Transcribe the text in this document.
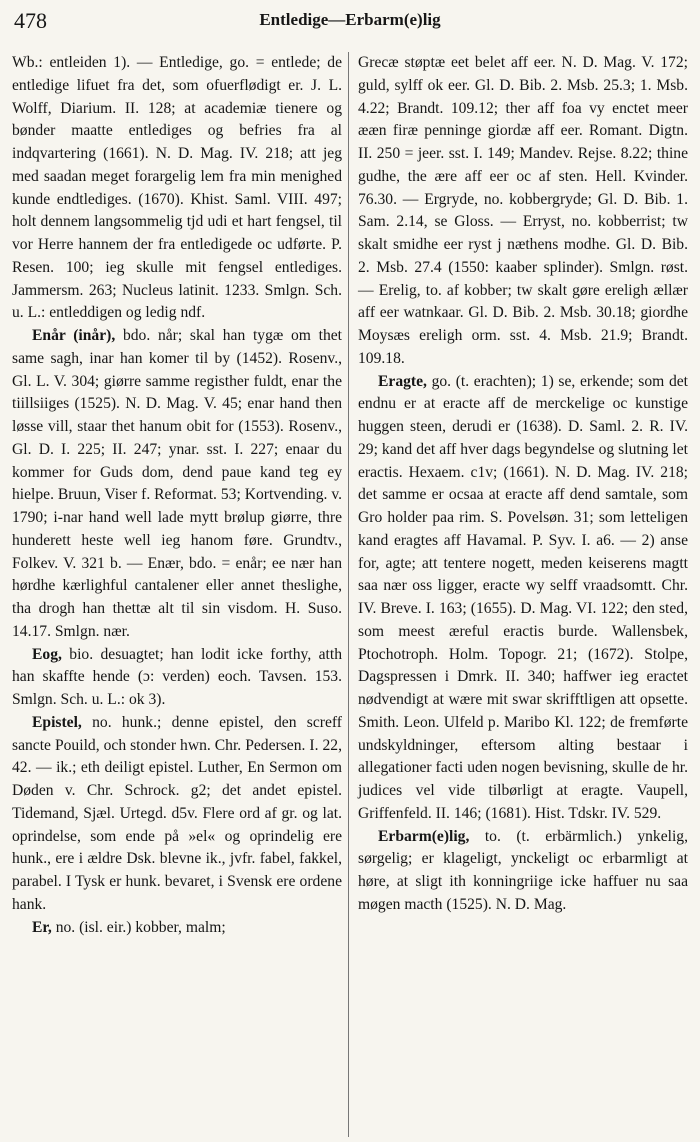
478	Entledige—Erbarm(e)lig

Wb.: entleiden 1). — Entledige, go. = entlede; de entledige lifuet fra det, som ofuerflødigt er. J. L. Wolff, Diarium. II. 128; at academiæ tienere og bønder maatte entlediges og befries fra al indqvartering (1661). N. D. Mag. IV. 218; att jeg med saadan meget forargelig lem fra min menighed kunde endtlediges. (1670). Khist. Saml. VIII. 497; holt dennem langsommelig tjd udi et hart fengsel, til vor Herre hannem der fra entledigede oc udførte. P. Resen. 100; ieg skulle mit fengsel entlediges. Jammersm. 263; Nucleus latinit. 1233. Smlgn. Sch. u. L.: entleddigen og ledig ndf.

Enår (inår), bdo. når; skal han tygæ om thet same sagh, inar han komer til by (1452). Rosenv., Gl. L. V. 304; giørre samme registher fuldt, enar the tiillsiiges (1525). N. D. Mag. V. 45; enar hand then løsse vill, staar thet hanum obit for (1553). Rosenv., Gl. D. I. 225; II. 247; ynar. sst. I. 227; enaar du kommer for Guds dom, dend paue kand teg ey hielpe. Bruun, Viser f. Reformat. 53; Kortvending. v. 1790; i-nar hand well lade mytt brølup giørre, thre hunderett heste well ieg hanom føre. Grundtv., Folkev. V. 321 b. — Enær, bdo. = enår; ee nær han hørdhe kærlighful cantalener eller annet theslighe, tha drogh han thettæ alt til sin visdom. H. Suso. 14.17. Smlgn. nær.

Eog, bio. desuagtet; han lodit icke forthy, atth han skaffte hende (ɔ: verden) eoch. Tavsen. 153. Smlgn. Sch. u. L.: ok 3).

Epistel, no. hunk.; denne epistel, den screff sancte Pouild, och stonder hwn. Chr. Pedersen. I. 22, 42. — ik.; eth deiligt epistel. Luther, En Sermon om Døden v. Chr. Schrock. g2; det andet epistel. Tidemand, Sjæl. Urtegd. d5v. Flere ord af gr. og lat. oprindelse, som ende på »el« og oprindelig ere hunk., ere i ældre Dsk. blevne ik., jvfr. fabel, fakkel, parabel. I Tysk er hunk. bevaret, i Svensk ere ordene hank.

Er, no. (isl. eir.) kobber, malm;

Grecæ støptæ eet belet aff eer. N. D. Mag. V. 172; guld, sylff ok eer. Gl. D. Bib. 2. Msb. 25.3; 1. Msb. 4.22; Brandt. 109.12; ther aff foa vy enctet meer ææn firæ penninge giordæ aff eer. Romant. Digtn. II. 250 = jeer. sst. I. 149; Mandev. Rejse. 8.22; thine gudhe, the ære aff eer oc af sten. Hell. Kvinder. 76.30. — Ergryde, no. kobbergryde; Gl. D. Bib. 1. Sam. 2.14, se Gloss. — Erryst, no. kobberrist; tw skalt smidhe eer ryst j næthens modhe. Gl. D. Bib. 2. Msb. 27.4 (1550: kaaber splinder). Smlgn. røst. — Erelig, to. af kobber; tw skalt gøre ereligh ællær aff eer watnkaar. Gl. D. Bib. 2. Msb. 30.18; giordhe Moysæs ereligh orm. sst. 4. Msb. 21.9; Brandt. 109.18.

Eragte, go. (t. erachten); 1) se, erkende; som det endnu er at eracte aff de merckelige oc kunstige huggen steen, derudi er (1638). D. Saml. 2. R. IV. 29; kand det aff hver dags begyndelse og slutning let eractis. Hexaem. c1v; (1661). N. D. Mag. IV. 218; det samme er ocsaa at eracte aff dend samtale, som Gro holder paa rim. S. Povelsøn. 31; som letteligen kand eragtes aff Havamal. P. Syv. I. a6. — 2) anse for, agte; att tentere nogett, meden keiserens magtt saa nær oss ligger, eracte wy selff vraadsomtt. Chr. IV. Breve. I. 163; (1655). D. Mag. VI. 122; den sted, som meest æreful eractis burde. Wallensbek, Ptochotroph. Holm. Topogr. 21; (1672). Stolpe, Dagspressen i Dmrk. II. 340; haffwer ieg eractet nødvendigt at wære mit swar skrifftligen att opsette. Smith. Leon. Ulfeld p. Maribo Kl. 122; de fremførte undskyldninger, eftersom alting bestaar i allegationer facti uden nogen bevisning, skulle de hr. judices vel vide tilbørligt at eragte. Vaupell, Griffenfeld. II. 146; (1681). Hist. Tdskr. IV. 529.

Erbarm(e)lig, to. (t. erbärmlich.) ynkelig, sørgelig; er klageligt, ynckeligt oc erbarmligt at høre, at sligt ith konningriige icke haffuer nu saa møgen macth (1525). N. D. Mag.
